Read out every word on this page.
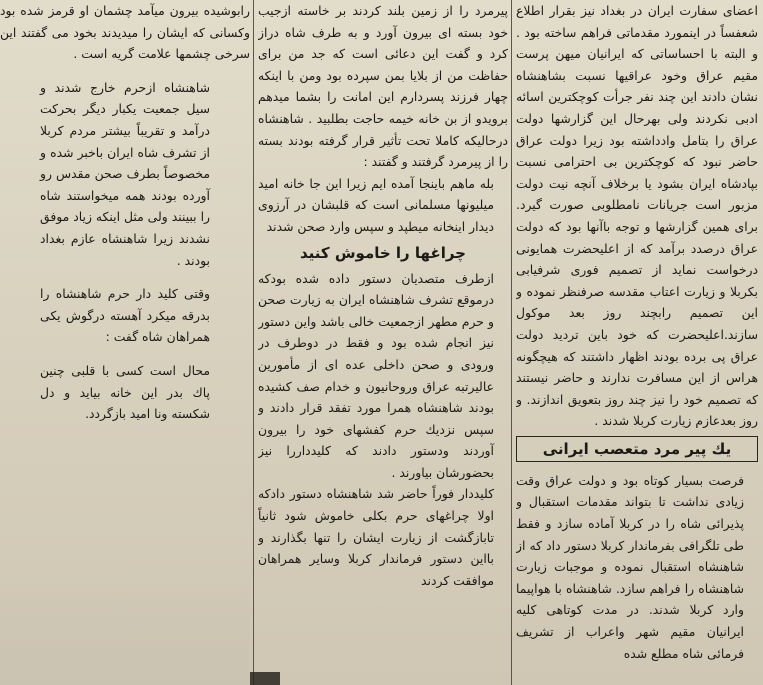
اعضای سفارت ایران در بغداد نیز بقرار اطلاع شعفساً در اینمورد مقدماتی فراهم ساخته بود . و البته با احساساتی که ایرانیان میهن پرست مقیم عراق وخود عراقیها نسبت بشاهنشاه نشان دادند این چند نفر جرأت کوچکترین اسائه ادبی نکردند ولی بهرحال این گزارشها دولت عراق را بتامل وادداشته بود زیرا دولت عراق حاضر نبود که کوچکترین بی احترامی نسبت بپادشاه ایران بشود یا برخلاف آنچه نیت دولت مزبور است جریانات نامطلوبی صورت گیرد. برای همین گزارشها و توجه باآنها بود که دولت عراق درصدد برآمد که از اعلیحضرت همایونی درخواست نماید از تصمیم فوری شرفیابی بکربلا و زیارت اعتاب مقدسه صرفنظر نموده و این تصمیم رابچند روز بعد موکول سازند.اعلیحضرت که خود باین تردید دولت عراق پی برده بودند اظهار داشتند که هیچگونه هراس از این مسافرت ندارند و حاضر نیستند که تصمیم خود را نیز چند روز بتعویق اندازند. و روز بعدعازم زیارت کربلا شدند .

یك پیر مرد متعصب ایرانی

فرصت بسیار کوتاه بود و دولت عراق وقت زیادی نداشت تا بتواند مقدمات استقبال و پذیرائی شاه را در کربلا آماده سازد و فقط طی تلگرافی بفرماندار کربلا دستور داد که از شاهنشاه استقبال نموده و موجبات زیارت شاهنشاه را فراهم سازد. شاهنشاه با هواپیما وارد کربلا شدند. در مدت کوتاهی کلیه ایرانیان مقیم شهر واعراب از تشریف فرمائی شاه مطلع شده

پیرمرد را از زمین بلند کردند بر خاسته ازجیب خود بسته ای بیرون آورد و به طرف شاه دراز کرد و گفت این دعائی است که جد من برای حفاظت من از بلایا بمن سپرده بود ومن با اینکه چهار فرزند پسردارم این امانت را بشما میدهم برویدو از بن خانه خیمه حاجت بطلبید . شاهنشاه درحالیکه کاملا تحت تأثیر قرار گرفته بودند بسته را از پیرمرد گرفتند و گفتند :

بله ماهم باینجا آمده ایم زیرا این جا خانه امید میلیونها مسلمانی است که قلبشان در آرزوی دیدار اینخانه میطپد و سپس وارد صحن شدند

چراغها را خاموش کنید

ازطرف متصدیان دستور داده شده بودکه درموقع تشرف شاهنشاه ایران به زیارت صحن و حرم مطهر ازجمعیت خالی باشد واین دستور نیز انجام شده بود و فقط در دوطرف در ورودی و صحن داخلی عده ای از مأمورین عالیرتبه عراق وروحانیون و خدام صف کشیده بودند شاهنشاه همرا مورد تفقد قرار دادند و سپس نزدیك حرم کفشهای خود را بیرون آوردند ودستور دادند که کلیدداررا نیز بحضورشان بیاورند .

کلیددار فوراً حاضر شد شاهنشاه دستور دادکه اولا چراغهای حرم بکلی خاموش شود ثانیاً تابازگشت از زیارت ایشان را تنها بگذارند و بااین دستور فرماندار کربلا وسایر همراهان موافقت کردند

رابوشیده بیرون میآمد چشمان او قرمز شده بود وکسانی که ایشان را میدیدند بخود می گفتند این سرخی چشمها علامت گریه است .

شاهنشاه ازحرم خارج شدند و سیل جمعیت یکبار دیگر بحرکت درآمد و تقریباً بیشتر مردم کربلا از تشرف شاه ایران باخبر شده و مخصوصاً بطرف صحن مقدس رو آورده بودند همه میخواستند شاه را ببینند ولی مثل اینکه زیاد موفق نشدند زیرا شاهنشاه عازم بغداد بودند .

وقتی کلید دار حرم شاهنشاه را بدرقه میکرد آهسته درگوش یکی همراهان شاه گفت :

محال است کسی با قلبی چنین پاك بدر این خانه بیاید و دل شکسته ونا امید بازگردد.
